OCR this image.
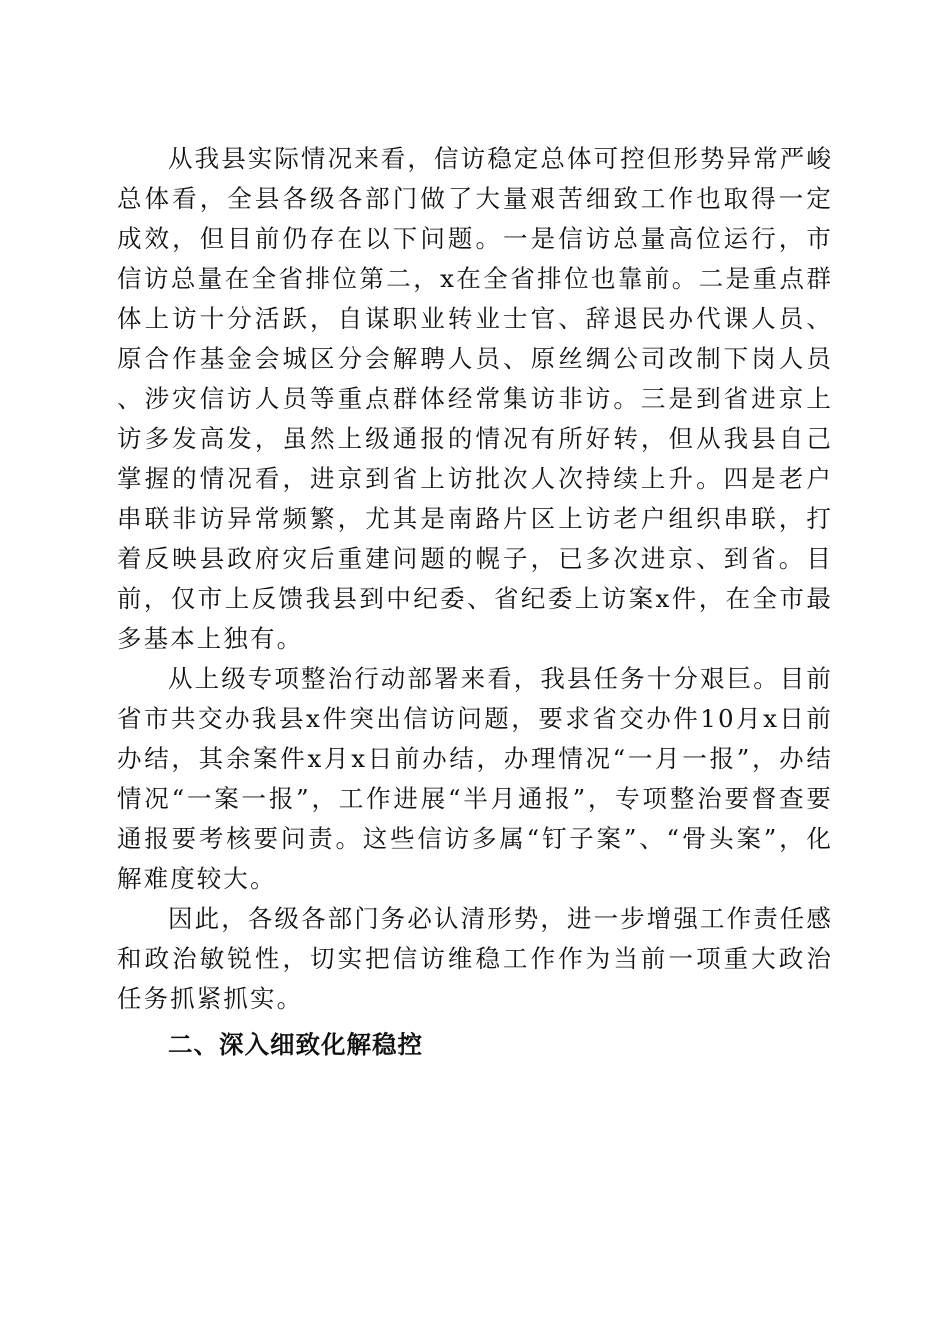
从我县实际情况来看，信访稳定总体可控但形势异常严峻总体看，全县各级各部门做了大量艰苦细致工作也取得一定成效，但目前仍存在以下问题。一是信访总量高位运行，市信访总量在全省排位第二，x在全省排位也靠前。二是重点群体上访十分活跃，自谋职业转业士官、辞退民办代课人员、原合作基金会城区分会解聘人员、原丝绸公司改制下岗人员、涉灾信访人员等重点群体经常集访非访。三是到省进京上访多发高发，虽然上级通报的情况有所好转，但从我县自己掌握的情况看，进京到省上访批次人次持续上升。四是老户串联非访异常频繁，尤其是南路片区上访老户组织串联，打着反映县政府灾后重建问题的幌子，已多次进京、到省。目前，仅市上反馈我县到中纪委、省纪委上访案x件，在全市最多基本上独有。

从上级专项整治行动部署来看，我县任务十分艰巨。目前省市共交办我县x件突出信访问题，要求省交办件10月x日前办结，其余案件x月x日前办结，办理情况“一月一报”，办结情况“一案一报”，工作进展“半月通报”，专项整治要督查要通报要考核要问责。这些信访多属“钉子案”、“骨头案”，化解难度较大。

因此，各级各部门务必认清形势，进一步增强工作责任感和政治敏锐性，切实把信访维稳工作作为当前一项重大政治任务抓紧抓实。

二、深入细致化解稳控
